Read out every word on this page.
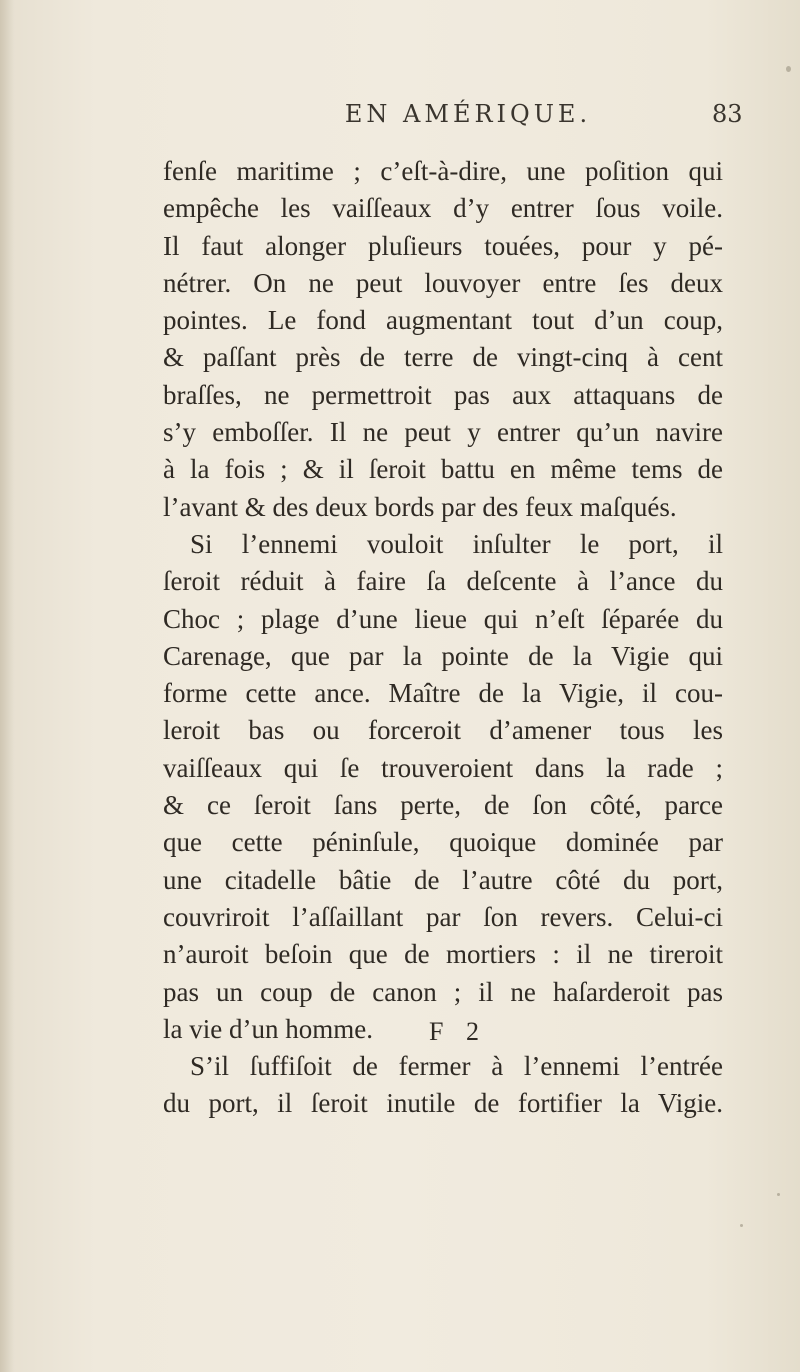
EN AMÉRIQUE.	83
fenſe maritime ; c’eſt-à-dire, une poſition qui
empêche les vaiſſeaux d’y entrer ſous voile.
Il faut alonger pluſieurs touées, pour y pé-
nétrer. On ne peut louvoyer entre ſes deux
pointes. Le fond augmentant tout d’un coup,
& paſſant près de terre de vingt-cinq à cent
braſſes, ne permettroit pas aux attaquans de
s’y emboſſer. Il ne peut y entrer qu’un navire
à la fois ; & il ſeroit battu en même tems de
l’avant & des deux bords par des feux maſqués.
Si l’ennemi vouloit inſulter le port, il
ſeroit réduit à faire ſa deſcente à l’ance du
Choc ; plage d’une lieue qui n’eſt ſéparée du
Carenage, que par la pointe de la Vigie qui
forme cette ance. Maître de la Vigie, il cou-
leroit bas ou forceroit d’amener tous les
vaiſſeaux qui ſe trouveroient dans la rade ;
& ce ſeroit ſans perte, de ſon côté, parce
que cette péninſule, quoique dominée par
une citadelle bâtie de l’autre côté du port,
couvriroit l’aſſaillant par ſon revers. Celui-ci
n’auroit beſoin que de mortiers : il ne tireroit
pas un coup de canon ; il ne haſarderoit pas
la vie d’un homme.
S’il ſuffiſoit de fermer à l’ennemi l’entrée
du port, il ſeroit inutile de fortifier la Vigie.
F 2
